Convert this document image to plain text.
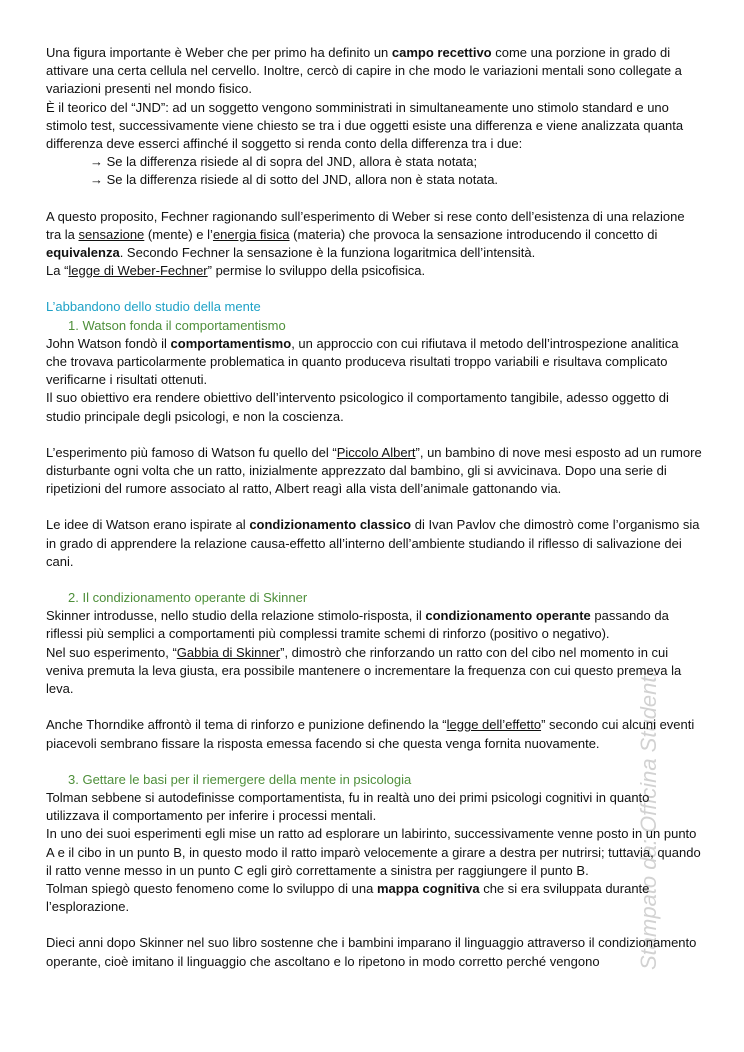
Stampato da: Ofﬁcina Studenti

Una figura importante è Weber che per primo ha definito un campo recettivo come una porzione in grado di attivare una certa cellula nel cervello. Inoltre, cercò di capire in che modo le variazioni mentali sono collegate a variazioni presenti nel mondo fisico.

È il teorico del “JND”: ad un soggetto vengono somministrati in simultaneamente uno stimolo standard e uno stimolo test, successivamente viene chiesto se tra i due oggetti esiste una differenza e viene analizzata quanta differenza deve esserci affinché il soggetto si renda conto della differenza tra i due:

→ Se la differenza risiede al di sopra del JND, allora è stata notata;

→ Se la differenza risiede al di sotto del JND, allora non è stata notata.

A questo proposito, Fechner ragionando sull’esperimento di Weber si rese conto dell’esistenza di una relazione tra la sensazione (mente) e l’energia fisica (materia) che provoca la sensazione introducendo il concetto di equivalenza. Secondo Fechner la sensazione è la funziona logaritmica dell’intensità.

La “legge di Weber-Fechner” permise lo sviluppo della psicofisica.

L’abbandono dello studio della mente

1. Watson fonda il comportamentismo

John Watson fondò il comportamentismo, un approccio con cui rifiutava il metodo dell’introspezione analitica che trovava particolarmente problematica in quanto produceva risultati troppo variabili e risultava complicato verificarne i risultati ottenuti.

Il suo obiettivo era rendere obiettivo dell’intervento psicologico il comportamento tangibile, adesso oggetto di studio principale degli psicologi, e non la coscienza.

L’esperimento più famoso di Watson fu quello del “Piccolo Albert”, un bambino di nove mesi esposto ad un rumore disturbante ogni volta che un ratto, inizialmente apprezzato dal bambino, gli si avvicinava. Dopo una serie di ripetizioni del rumore associato al ratto, Albert reagì alla vista dell’animale gattonando via.

Le idee di Watson erano ispirate al condizionamento classico di Ivan Pavlov che dimostrò come l’organismo sia in grado di apprendere la relazione causa-effetto all’interno dell’ambiente studiando il riflesso di salivazione dei cani.

2. Il condizionamento operante di Skinner

Skinner introdusse, nello studio della relazione stimolo-risposta, il condizionamento operante passando da riflessi più semplici a comportamenti più complessi tramite schemi di rinforzo (positivo o negativo).

Nel suo esperimento, “Gabbia di Skinner”, dimostrò che rinforzando un ratto con del cibo nel momento in cui veniva premuta la leva giusta, era possibile mantenere o incrementare la frequenza con cui questo premeva la leva.

Anche Thorndike affrontò il tema di rinforzo e punizione definendo la “legge dell’effetto” secondo cui alcuni eventi piacevoli sembrano fissare la risposta emessa facendo si che questa venga fornita nuovamente.

3. Gettare le basi per il riemergere della mente in psicologia

Tolman sebbene si autodefinisse comportamentista, fu in realtà uno dei primi psicologi cognitivi in quanto utilizzava il comportamento per inferire i processi mentali.

In uno dei suoi esperimenti egli mise un ratto ad esplorare un labirinto, successivamente venne posto in un punto A e il cibo in un punto B, in questo modo il ratto imparò velocemente a girare a destra per nutrirsi; tuttavia, quando il ratto venne messo in un punto C egli girò correttamente a sinistra per raggiungere il punto B.

Tolman spiegò questo fenomeno come lo sviluppo di una mappa cognitiva che si era sviluppata durante l’esplorazione.

Dieci anni dopo Skinner nel suo libro sostenne che i bambini imparano il linguaggio attraverso il condizionamento operante, cioè imitano il linguaggio che ascoltano e lo ripetono in modo corretto perché vengono
